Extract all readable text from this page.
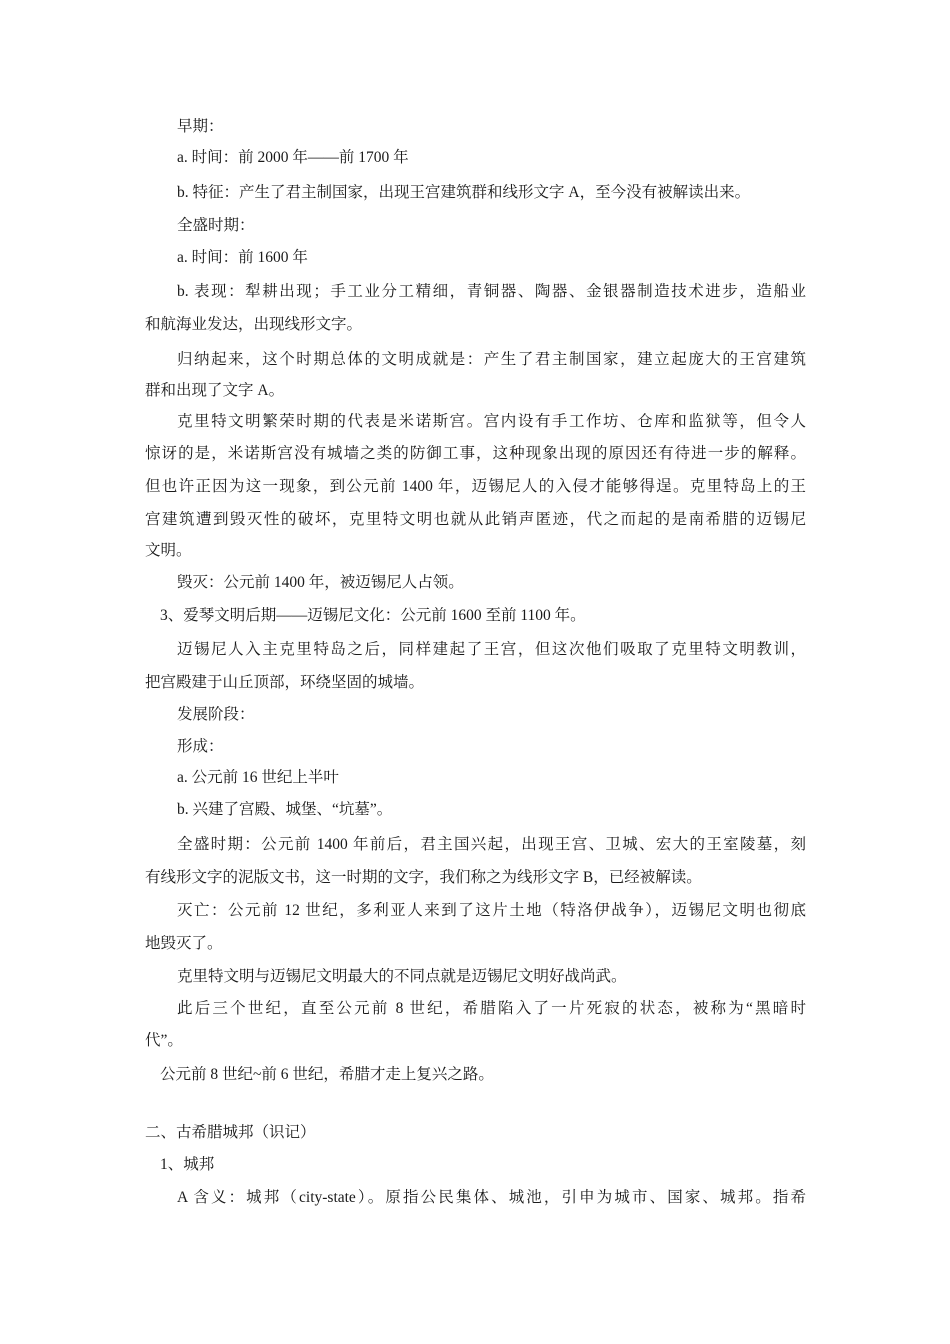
早期：
a. 时间：前 2000 年——前 1700 年
b. 特征：产生了君主制国家，出现王宫建筑群和线形文字 A，至今没有被解读出来。
全盛时期：
a. 时间：前 1600 年
b. 表现：犁耕出现；手工业分工精细，青铜器、陶器、金银器制造技术进步，造船业
和航海业发达，出现线形文字。
归纳起来，这个时期总体的文明成就是：产生了君主制国家，建立起庞大的王宫建筑
群和出现了文字 A。
克里特文明繁荣时期的代表是米诺斯宫。宫内设有手工作坊、仓库和监狱等，但令人
惊讶的是，米诺斯宫没有城墙之类的防御工事，这种现象出现的原因还有待进一步的解释。
但也许正因为这一现象，到公元前 1400 年，迈锡尼人的入侵才能够得逞。克里特岛上的王
宫建筑遭到毁灭性的破坏，克里特文明也就从此销声匿迹，代之而起的是南希腊的迈锡尼
文明。
毁灭：公元前 1400 年，被迈锡尼人占领。
3、爱琴文明后期——迈锡尼文化：公元前 1600 至前 1100 年。
迈锡尼人入主克里特岛之后，同样建起了王宫，但这次他们吸取了克里特文明教训，
把宫殿建于山丘顶部，环绕坚固的城墙。
发展阶段：
形成：
a. 公元前 16 世纪上半叶
b. 兴建了宫殿、城堡、“坑墓”。
全盛时期：公元前 1400 年前后，君主国兴起，出现王宫、卫城、宏大的王室陵墓，刻
有线形文字的泥版文书，这一时期的文字，我们称之为线形文字 B，已经被解读。
灭亡：公元前 12 世纪，多利亚人来到了这片土地（特洛伊战争），迈锡尼文明也彻底
地毁灭了。
克里特文明与迈锡尼文明最大的不同点就是迈锡尼文明好战尚武。
此后三个世纪，直至公元前 8 世纪，希腊陷入了一片死寂的状态，被称为“黑暗时
代”。
公元前 8 世纪~前 6 世纪，希腊才走上复兴之路。
二、古希腊城邦（识记）
1、城邦
A 含义：城邦（city-state）。原指公民集体、城池，引申为城市、国家、城邦。指希
